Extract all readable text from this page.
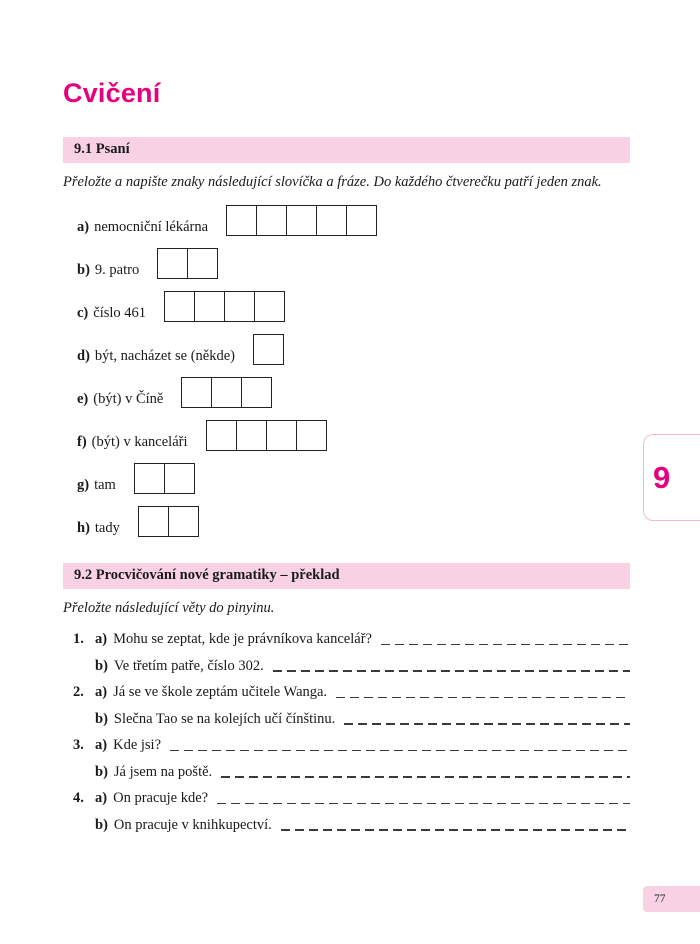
Cvičení
9.1 Psaní
Přeložte a napište znaky následující slovíčka a fráze. Do každého čtverečku patří jeden znak.
a) nemocniční lékárna
b) 9. patro
c) číslo 461
d) být, nacházet se (někde)
e) (být) v Číně
f) (být) v kanceláři
g) tam
h) tady
9.2 Procvičování nové gramatiky – překlad
Přeložte následující věty do pinyinu.
1. a) Mohu se zeptat, kde je právníkova kancelář?
b) Ve třetím patře, číslo 302.
2. a) Já se ve škole zeptám učitele Wanga.
b) Slečna Tao se na kolejích učí čínštinu.
3. a) Kde jsi?
b) Já jsem na poště.
4. a) On pracuje kde?
b) On pracuje v knihkupectví.
9
77
